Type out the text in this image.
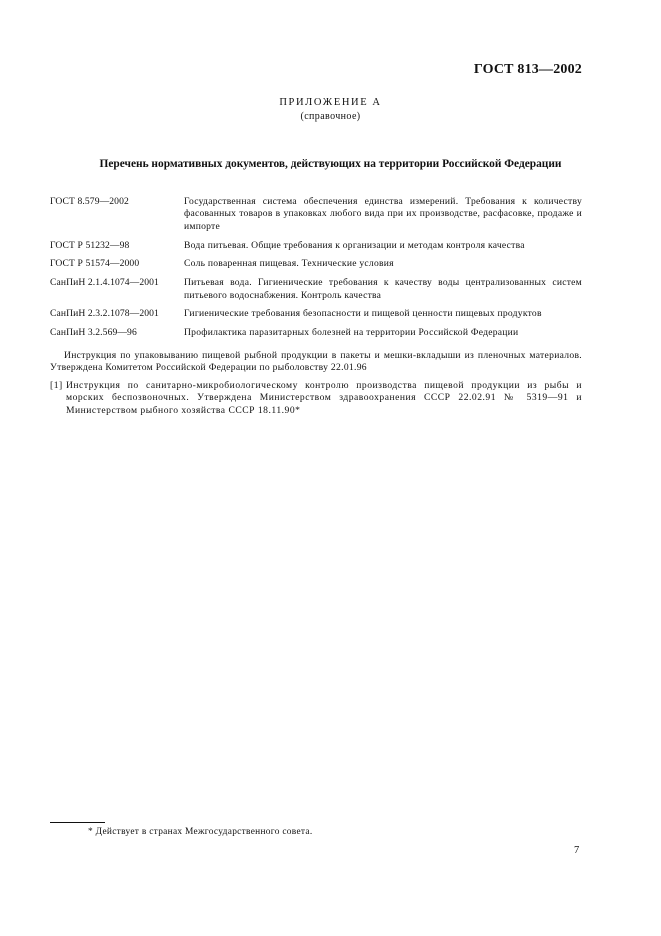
ГОСТ 813—2002
ПРИЛОЖЕНИЕ А
(справочное)
Перечень нормативных документов, действующих на территории Российской Федерации
ГОСТ 8.579—2002	Государственная система обеспечения единства измерений. Требования к количеству фасованных товаров в упаковках любого вида при их производстве, расфасовке, продаже и импорте
ГОСТ Р 51232—98	Вода питьевая. Общие требования к организации и методам контроля качества
ГОСТ Р 51574—2000	Соль поваренная пищевая. Технические условия
СанПиН 2.1.4.1074—2001	Питьевая вода. Гигиенические требования к качеству воды централизованных систем питьевого водоснабжения. Контроль качества
СанПиН 2.3.2.1078—2001	Гигиенические требования безопасности и пищевой ценности пищевых продуктов
СанПиН 3.2.569—96	Профилактика паразитарных болезней на территории Российской Федерации
Инструкция по упаковыванию пищевой рыбной продукции в пакеты и мешки-вкладыши из пленочных материалов. Утверждена Комитетом Российской Федерации по рыболовству 22.01.96
[1] Инструкция по санитарно-микробиологическому контролю производства пищевой продукции из рыбы и морских беспозвоночных. Утверждена Министерством здравоохранения СССР 22.02.91 № 5319—91 и Министерством рыбного хозяйства СССР 18.11.90*
* Действует в странах Межгосударственного совета.
7
